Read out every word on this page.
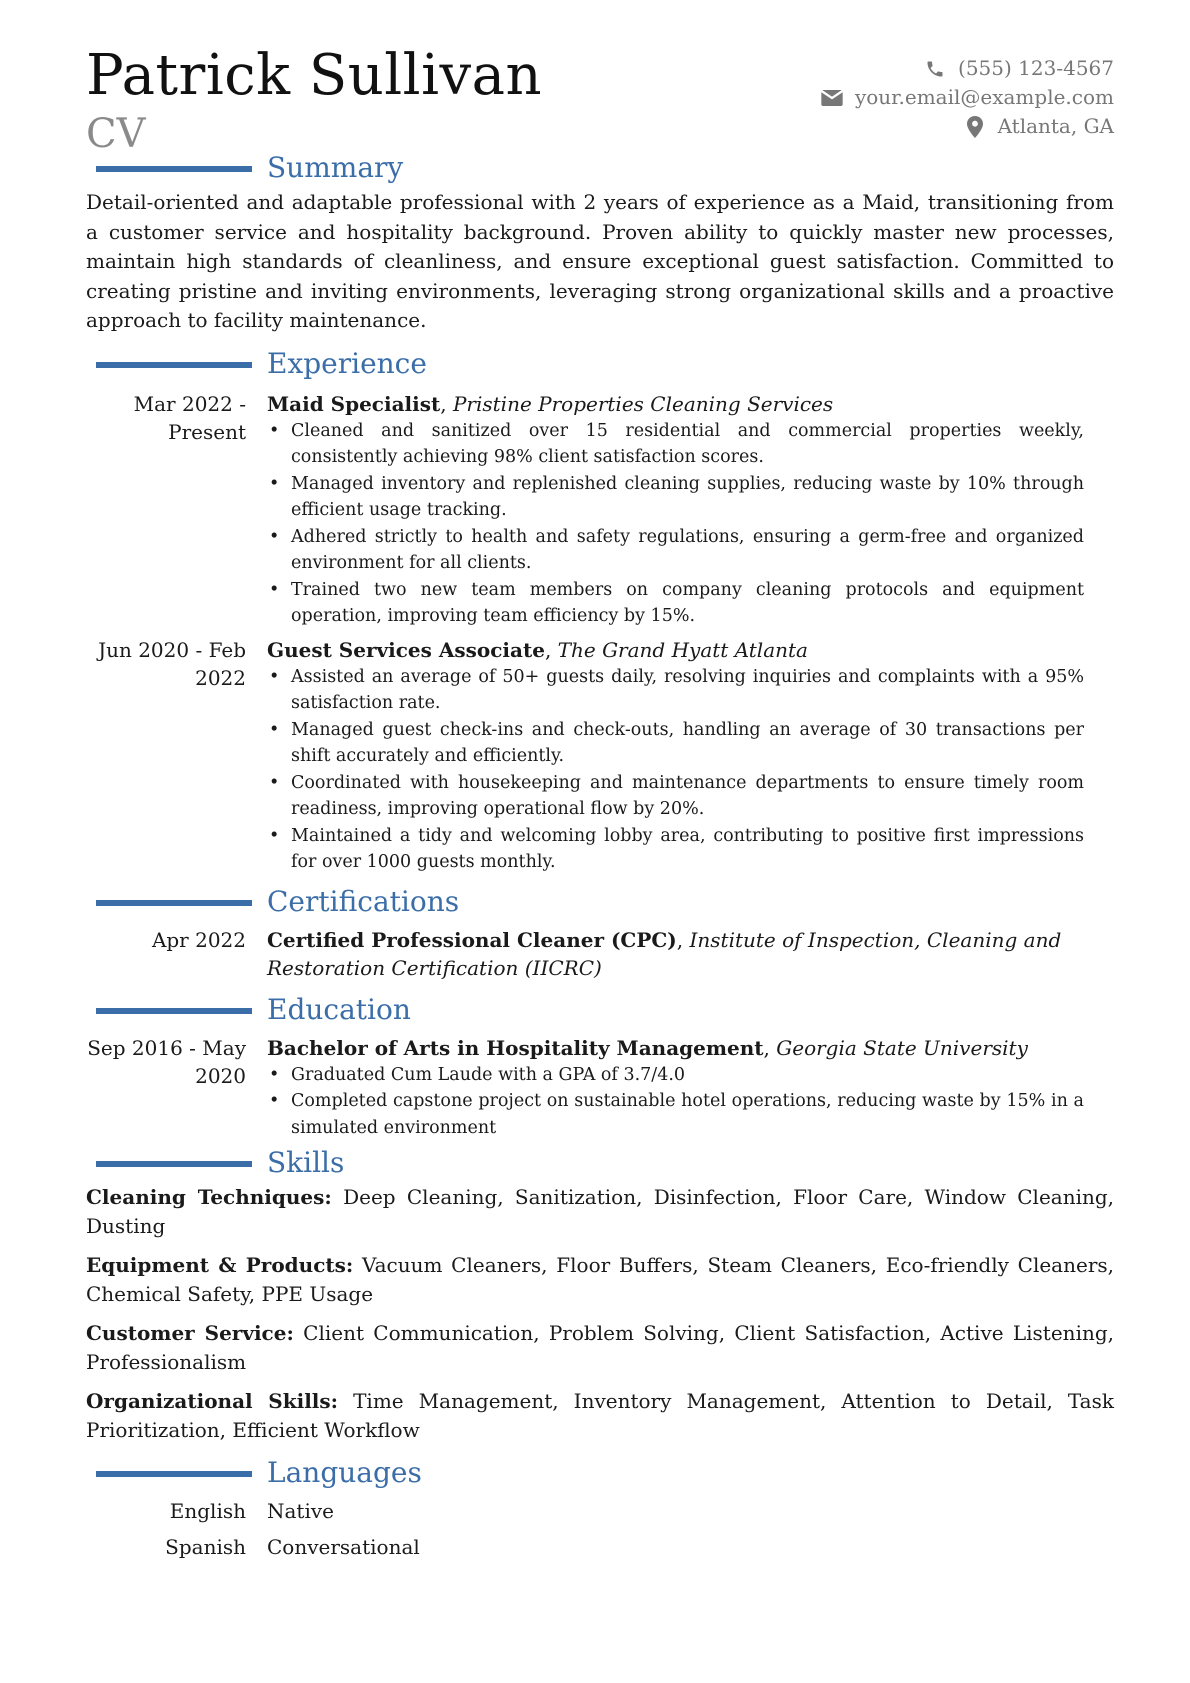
Patrick Sullivan
CV
(555) 123-4567
your.email@example.com
Atlanta, GA
Summary

Detail-oriented and adaptable professional with 2 years of experience as a Maid, transitioning from a customer service and hospitality background. Proven ability to quickly master new processes, maintain high standards of cleanliness, and ensure exceptional guest satisfaction. Committed to creating pristine and inviting environments, leveraging strong organizational skills and a proactive approach to facility maintenance.

Experience
Mar 2022 - Present
Maid Specialist, Pristine Properties Cleaning Services
• Cleaned and sanitized over 15 residential and commercial properties weekly, consistently achieving 98% client satisfaction scores.
• Managed inventory and replenished cleaning supplies, reducing waste by 10% through efficient usage tracking.
• Adhered strictly to health and safety regulations, ensuring a germ-free and organized environment for all clients.
• Trained two new team members on company cleaning protocols and equipment operation, improving team efficiency by 15%.
Jun 2020 - Feb 2022
Guest Services Associate, The Grand Hyatt Atlanta
• Assisted an average of 50+ guests daily, resolving inquiries and complaints with a 95% satisfaction rate.
• Managed guest check-ins and check-outs, handling an average of 30 transactions per shift accurately and efficiently.
• Coordinated with housekeeping and maintenance departments to ensure timely room readiness, improving operational flow by 20%.
• Maintained a tidy and welcoming lobby area, contributing to positive first impressions for over 1000 guests monthly.
Certifications
Apr 2022	Certified Professional Cleaner (CPC), Institute of Inspection, Cleaning and Restoration Certification (IICRC)
Education
Sep 2016 - May 2020
Bachelor of Arts in Hospitality Management, Georgia State University
• Graduated Cum Laude with a GPA of 3.7/4.0
• Completed capstone project on sustainable hotel operations, reducing waste by 15% in a simulated environment
Skills

Cleaning Techniques: Deep Cleaning, Sanitization, Disinfection, Floor Care, Window Cleaning, Dusting

Equipment & Products: Vacuum Cleaners, Floor Buffers, Steam Cleaners, Eco-friendly Cleaners, Chemical Safety, PPE Usage

Customer Service: Client Communication, Problem Solving, Client Satisfaction, Active Listening, Professionalism

Organizational Skills: Time Management, Inventory Management, Attention to Detail, Task Prioritization, Efficient Workflow

Languages
English	Native
Spanish	Conversational
